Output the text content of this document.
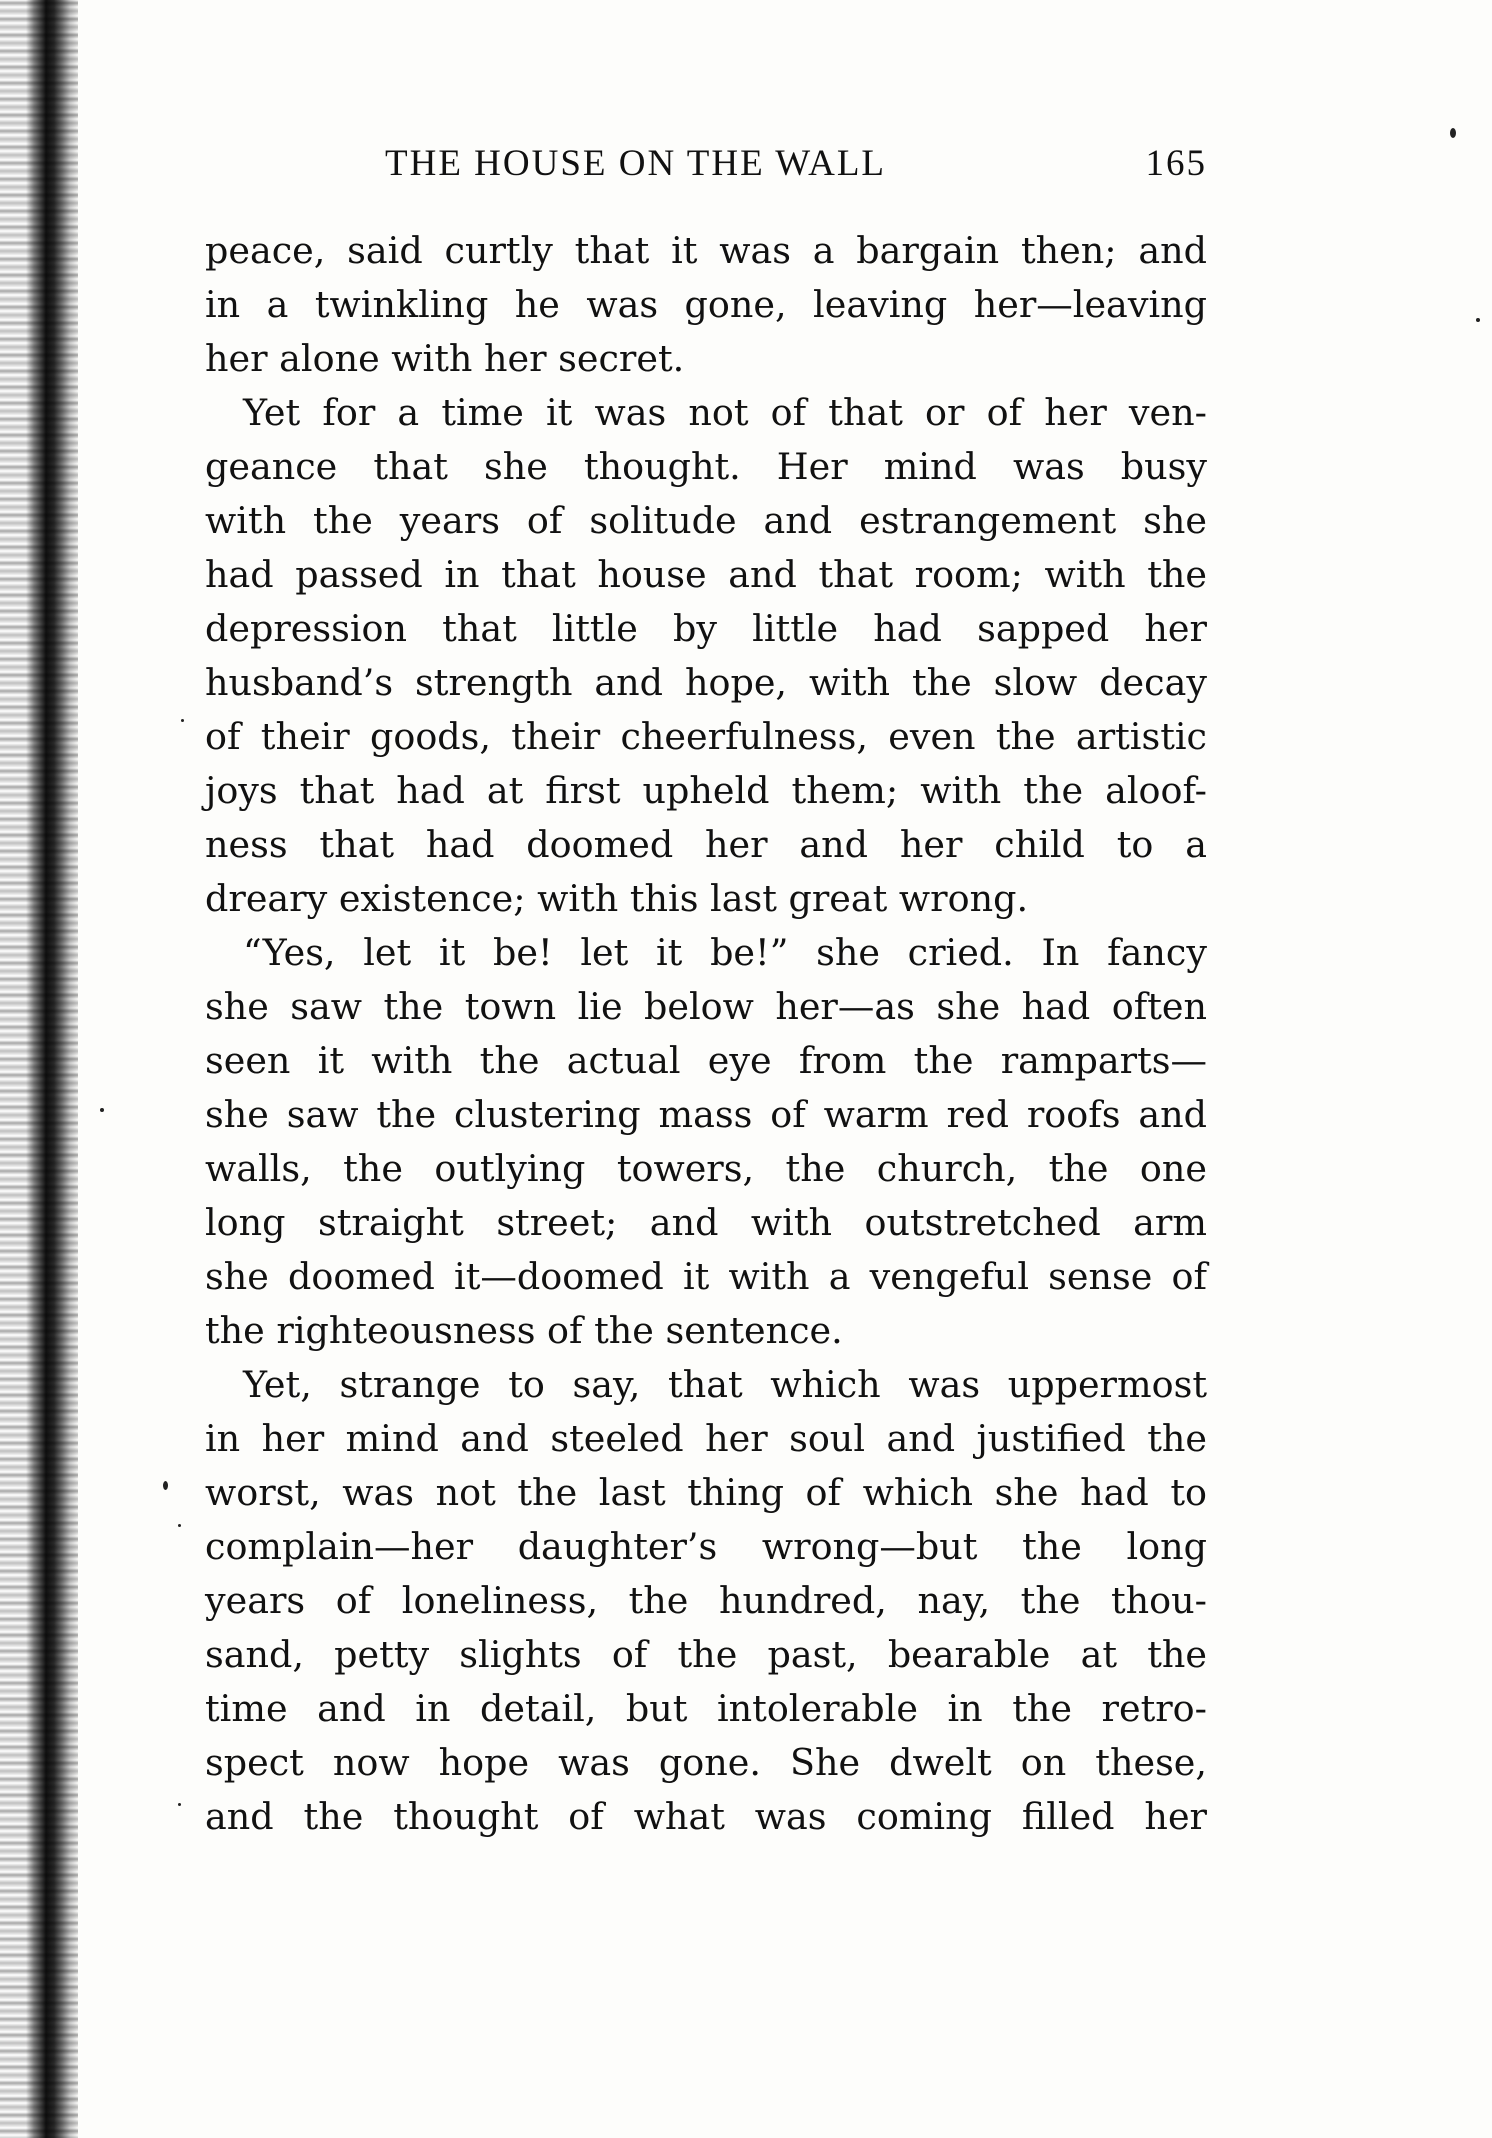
THE HOUSE ON THE WALL	165

peace, said curtly that it was a bargain then; and
in a twinkling he was gone, leaving her—leaving
her alone with her secret.

Yet for a time it was not of that or of her ven-
geance that she thought. Her mind was busy
with the years of solitude and estrangement she
had passed in that house and that room; with the
depression that little by little had sapped her
husband’s strength and hope, with the slow decay
of their goods, their cheerfulness, even the artistic
joys that had at first upheld them; with the aloof-
ness that had doomed her and her child to a
dreary existence; with this last great wrong.

“Yes, let it be! let it be!” she cried. In fancy
she saw the town lie below her—as she had often
seen it with the actual eye from the ramparts—
she saw the clustering mass of warm red roofs and
walls, the outlying towers, the church, the one
long straight street; and with outstretched arm
she doomed it—doomed it with a vengeful sense of
the righteousness of the sentence.

Yet, strange to say, that which was uppermost
in her mind and steeled her soul and justified the
worst, was not the last thing of which she had to
complain—her daughter’s wrong—but the long
years of loneliness, the hundred, nay, the thou-
sand, petty slights of the past, bearable at the
time and in detail, but intolerable in the retro-
spect now hope was gone. She dwelt on these,
and the thought of what was coming filled her
